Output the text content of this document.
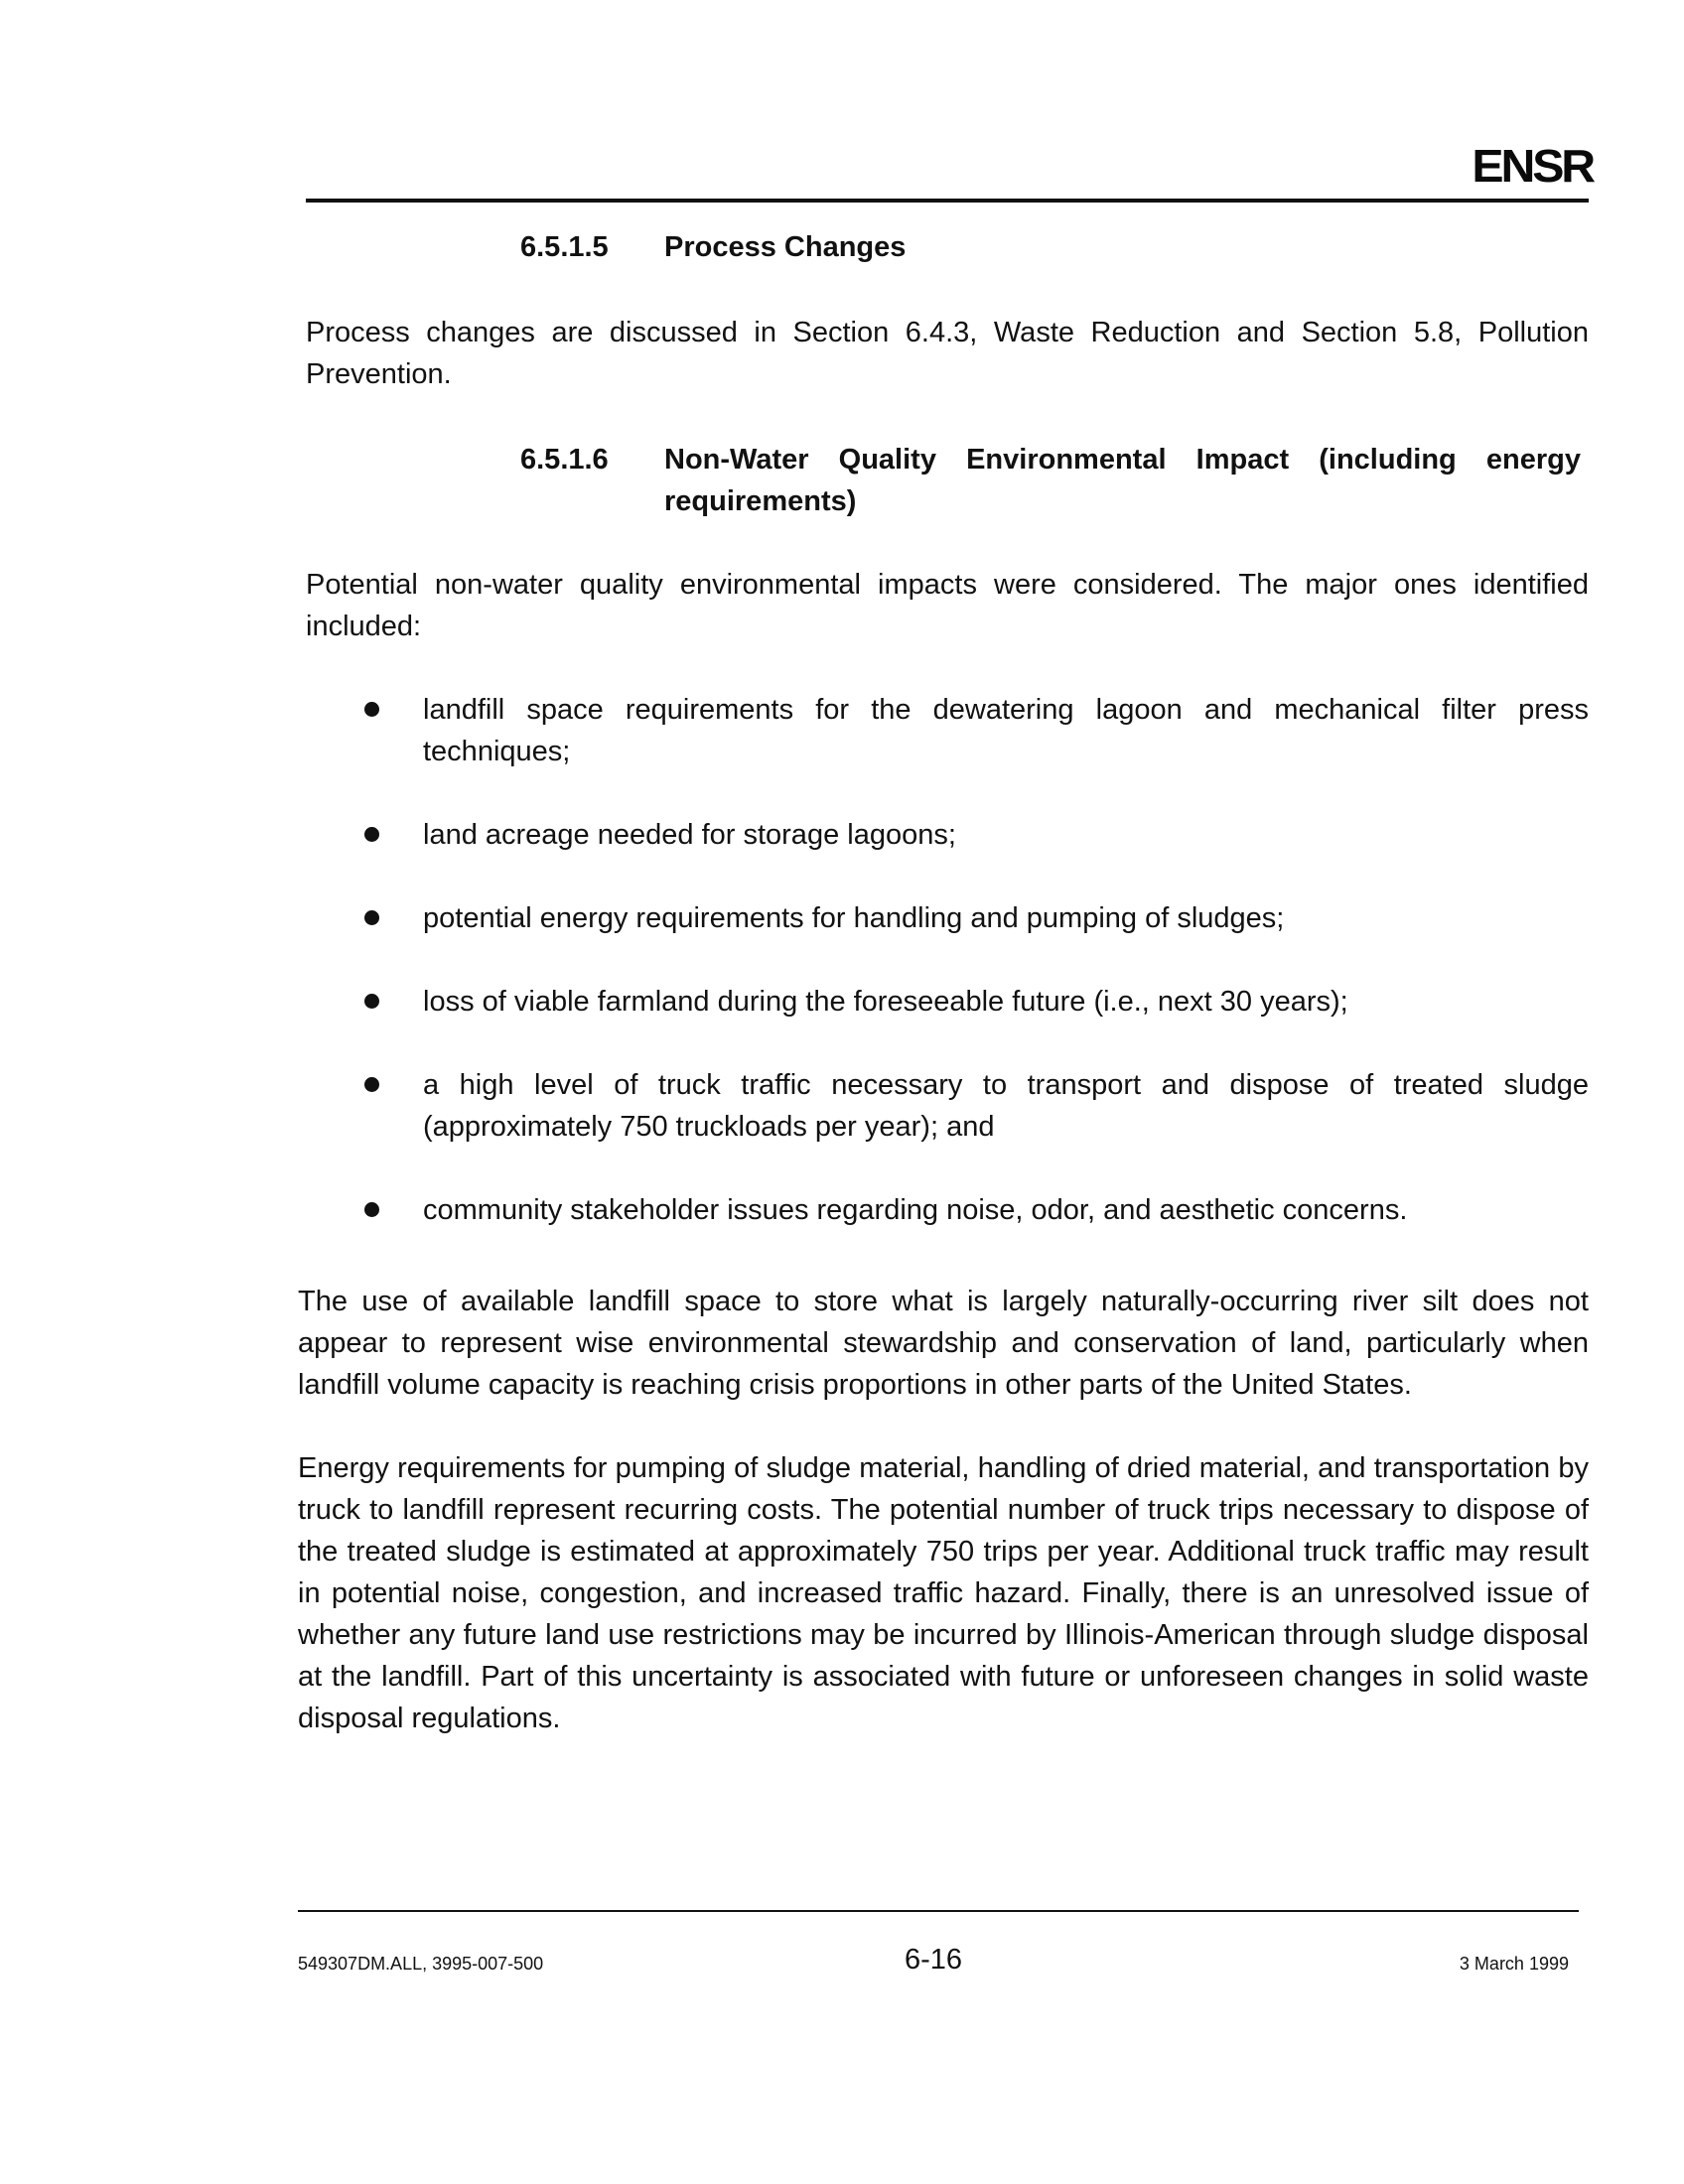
ENSR
6.5.1.5 Process Changes

Process changes are discussed in Section 6.4.3, Waste Reduction and Section 5.8, Pollution Prevention.

6.5.1.6 Non-Water Quality Environmental Impact (including energy requirements)

Potential non-water quality environmental impacts were considered. The major ones identified included:

landfill space requirements for the dewatering lagoon and mechanical filter press techniques;
land acreage needed for storage lagoons;
potential energy requirements for handling and pumping of sludges;
loss of viable farmland during the foreseeable future (i.e., next 30 years);
a high level of truck traffic necessary to transport and dispose of treated sludge (approximately 750 truckloads per year); and
community stakeholder issues regarding noise, odor, and aesthetic concerns.

The use of available landfill space to store what is largely naturally-occurring river silt does not appear to represent wise environmental stewardship and conservation of land, particularly when landfill volume capacity is reaching crisis proportions in other parts of the United States.

Energy requirements for pumping of sludge material, handling of dried material, and transportation by truck to landfill represent recurring costs. The potential number of truck trips necessary to dispose of the treated sludge is estimated at approximately 750 trips per year. Additional truck traffic may result in potential noise, congestion, and increased traffic hazard. Finally, there is an unresolved issue of whether any future land use restrictions may be incurred by Illinois-American through sludge disposal at the landfill. Part of this uncertainty is associated with future or unforeseen changes in solid waste disposal regulations.

549307DM.ALL, 3995-007-500	6-16	3 March 1999
